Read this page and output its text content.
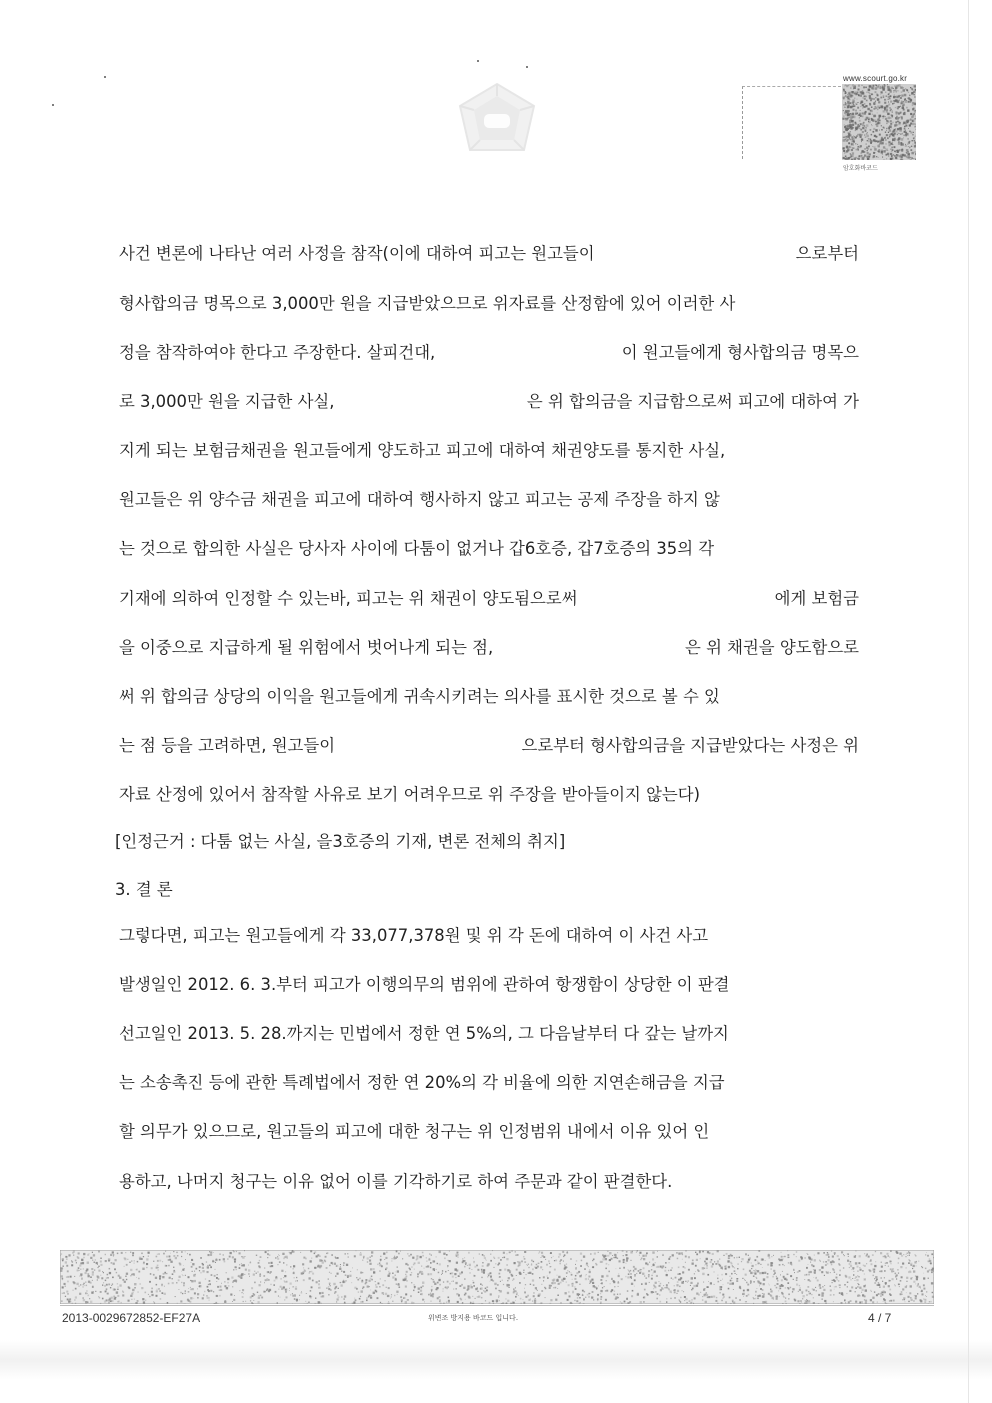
www.scourt.go.kr
암호화바코드
사건 변론에 나타난 여러 사정을 참작(이에 대하여 피고는 원고들이	으로부터
형사합의금 명목으로 3,000만 원을 지급받았으므로 위자료를 산정함에 있어 이러한 사
정을 참작하여야 한다고 주장한다. 살피건대,	이 원고들에게 형사합의금 명목으
로 3,000만 원을 지급한 사실,	은 위 합의금을 지급함으로써 피고에 대하여 가
지게 되는 보험금채권을 원고들에게 양도하고 피고에 대하여 채권양도를 통지한 사실,
원고들은 위 양수금 채권을 피고에 대하여 행사하지 않고 피고는 공제 주장을 하지 않
는 것으로 합의한 사실은 당사자 사이에 다툼이 없거나 갑6호증, 갑7호증의 35의 각
기재에 의하여 인정할 수 있는바, 피고는 위 채권이 양도됨으로써	에게 보험금
을 이중으로 지급하게 될 위험에서 벗어나게 되는 점,	은 위 채권을 양도함으로
써 위 합의금 상당의 이익을 원고들에게 귀속시키려는 의사를 표시한 것으로 볼 수 있
는 점 등을 고려하면, 원고들이	으로부터 형사합의금을 지급받았다는 사정은 위
자료 산정에 있어서 참작할 사유로 보기 어려우므로 위 주장을 받아들이지 않는다)
[인정근거 : 다툼 없는 사실, 을3호증의 기재, 변론 전체의 취지]
3. 결 론
그렇다면, 피고는 원고들에게 각 33,077,378원 및 위 각 돈에 대하여 이 사건 사고
발생일인 2012. 6. 3.부터 피고가 이행의무의 범위에 관하여 항쟁함이 상당한 이 판결
선고일인 2013. 5. 28.까지는 민법에서 정한 연 5%의, 그 다음날부터 다 갚는 날까지
는 소송촉진 등에 관한 특례법에서 정한 연 20%의 각 비율에 의한 지연손해금을 지급
할 의무가 있으므로, 원고들의 피고에 대한 청구는 위 인정범위 내에서 이유 있어 인
용하고, 나머지 청구는 이유 없어 이를 기각하기로 하여 주문과 같이 판결한다.
2013-0029672852-EF27A	위변조 방지용 바코드 입니다.	4 / 7
